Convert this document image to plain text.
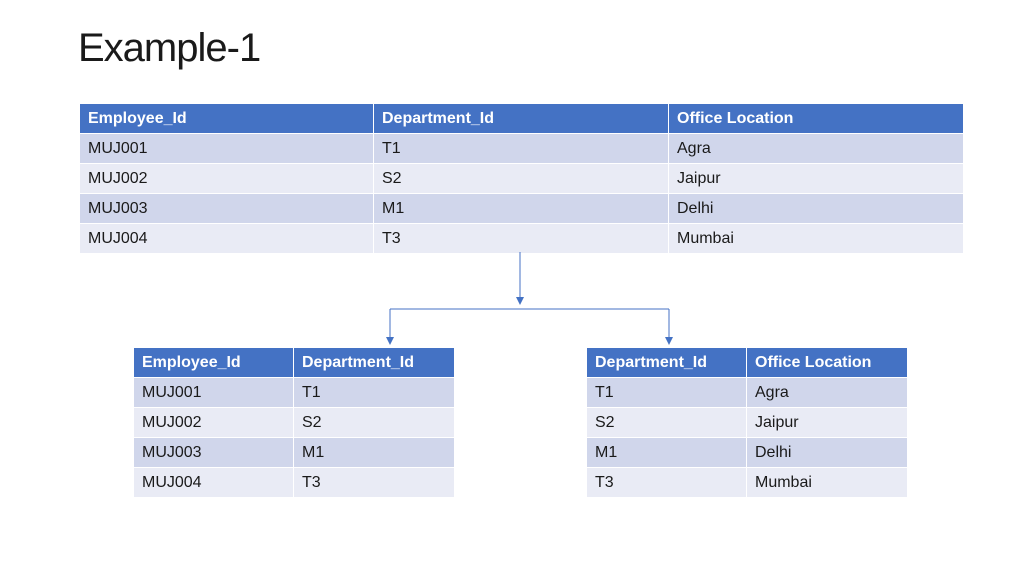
Example-1
Employee_Id	Department_Id	Office Location
MUJ001	T1	Agra
MUJ002	S2	Jaipur
MUJ003	M1	Delhi
MUJ004	T3	Mumbai
Employee_Id	Department_Id
MUJ001	T1
MUJ002	S2
MUJ003	M1
MUJ004	T3
Department_Id	Office Location
T1	Agra
S2	Jaipur
M1	Delhi
T3	Mumbai
